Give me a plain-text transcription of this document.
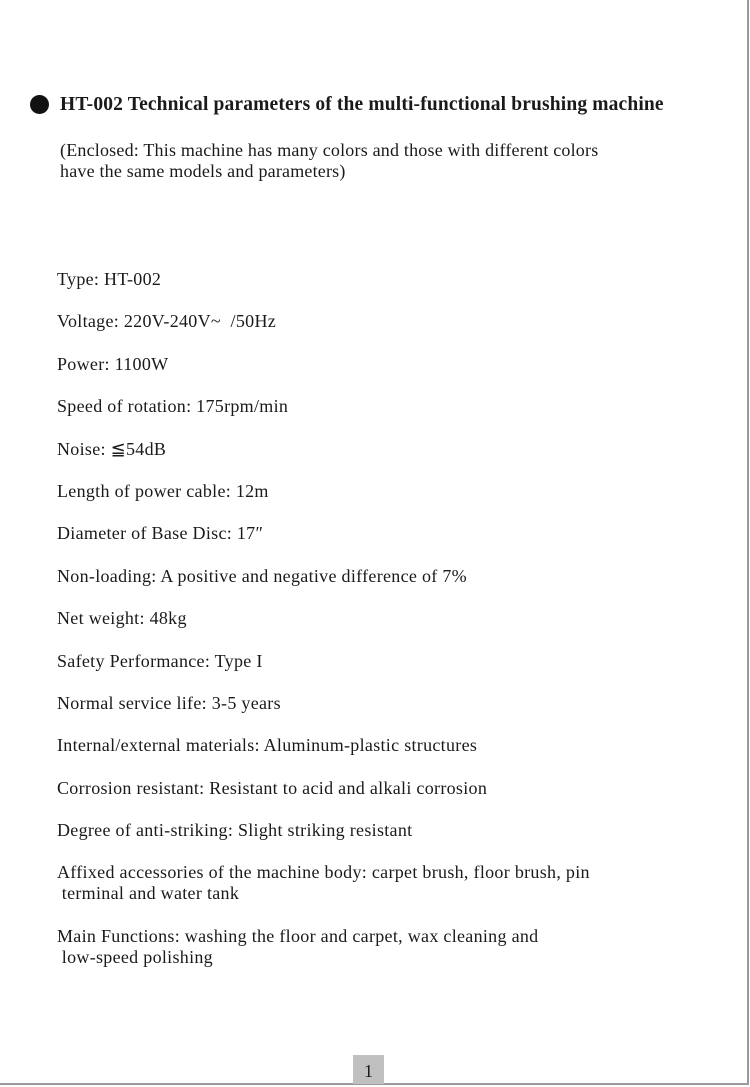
HT-002 Technical parameters of the multi-functional brushing machine
(Enclosed: This machine has many colors and those with different colors
have the same models and parameters)
Type: HT-002
Voltage: 220V-240V~  /50Hz
Power: 1100W
Speed of rotation: 175rpm/min
Noise: ≦54dB
Length of power cable: 12m
Diameter of Base Disc: 17″
Non-loading: A positive and negative difference of 7%
Net weight: 48kg
Safety Performance: Type I
Normal service life: 3-5 years
Internal/external materials: Aluminum-plastic structures
Corrosion resistant: Resistant to acid and alkali corrosion
Degree of anti-striking: Slight striking resistant
Affixed accessories of the machine body: carpet brush, floor brush, pin
terminal and water tank
Main Functions: washing the floor and carpet, wax cleaning and
low-speed polishing
1
